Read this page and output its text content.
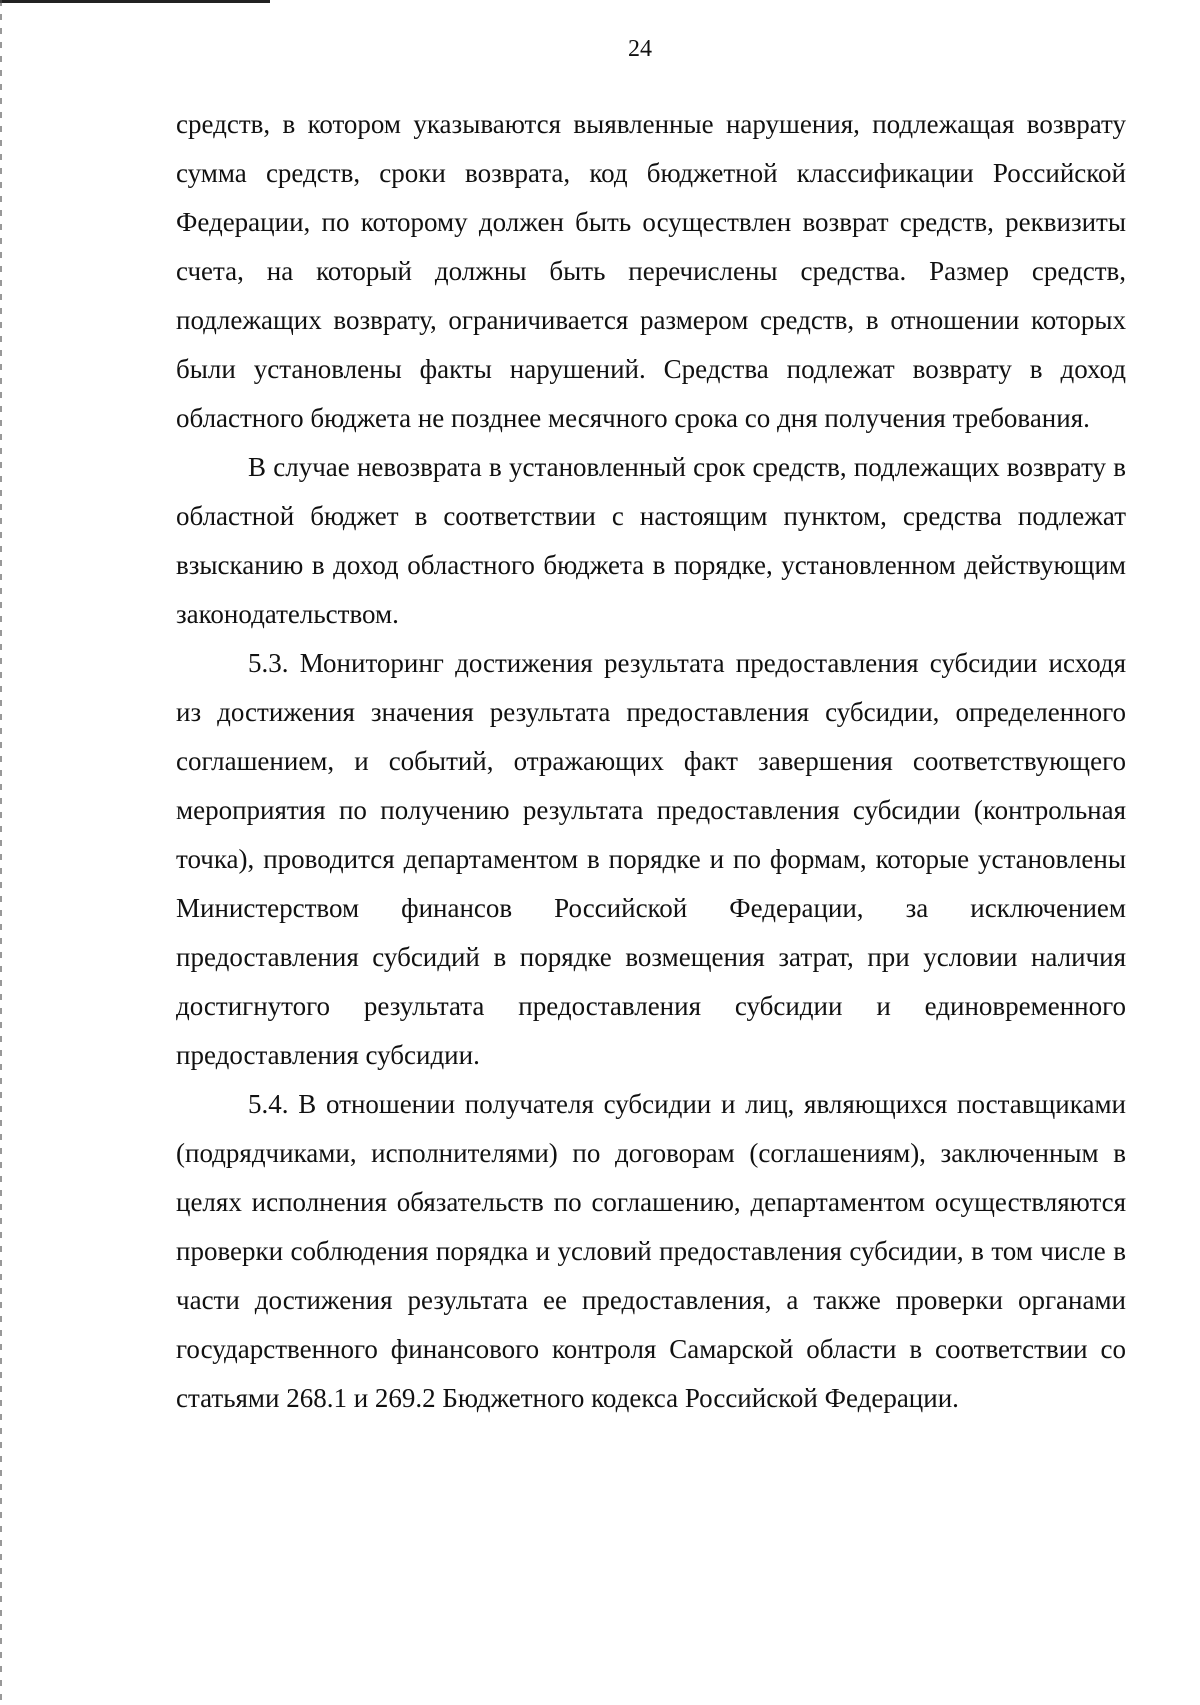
24

средств, в котором указываются выявленные нарушения, подлежащая возврату сумма средств, сроки возврата, код бюджетной классификации Российской Федерации, по которому должен быть осуществлен возврат средств, реквизиты счета, на который должны быть перечислены средства. Размер средств, подлежащих возврату, ограничивается размером средств, в отношении которых были установлены факты нарушений. Средства подлежат возврату в доход областного бюджета не позднее месячного срока со дня получения требования.

В случае невозврата в установленный срок средств, подлежащих возврату в областной бюджет в соответствии с настоящим пунктом, средства подлежат взысканию в доход областного бюджета в порядке, установленном действующим законодательством.

5.3. Мониторинг достижения результата предоставления субсидии исходя из достижения значения результата предоставления субсидии, определенного соглашением, и событий, отражающих факт завершения соответствующего мероприятия по получению результата предоставления субсидии (контрольная точка), проводится департаментом в порядке и по формам, которые установлены Министерством финансов Российской Федерации, за исключением предоставления субсидий в порядке возмещения затрат, при условии наличия достигнутого результата предоставления субсидии и единовременного предоставления субсидии.

5.4. В отношении получателя субсидии и лиц, являющихся поставщиками (подрядчиками, исполнителями) по договорам (соглашениям), заключенным в целях исполнения обязательств по соглашению, департаментом осуществляются проверки соблюдения порядка и условий предоставления субсидии, в том числе в части достижения результата ее предоставления, а также проверки органами государственного финансового контроля Самарской области в соответствии со статьями 268.1 и 269.2 Бюджетного кодекса Российской Федерации.
